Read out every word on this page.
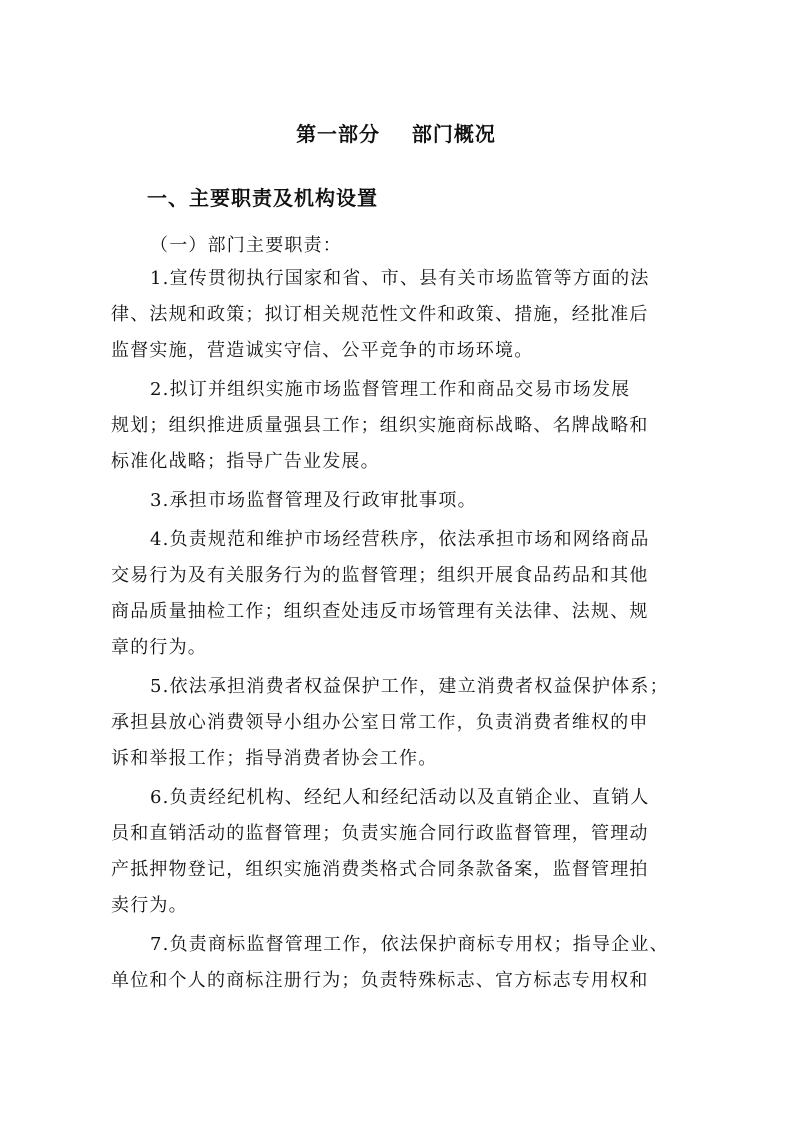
第一部分    部门概况
一、主要职责及机构设置
（一）部门主要职责：
1.宣传贯彻执行国家和省、市、县有关市场监管等方面的法
律、法规和政策；拟订相关规范性文件和政策、措施，经批准后
监督实施，营造诚实守信、公平竞争的市场环境。
2.拟订并组织实施市场监督管理工作和商品交易市场发展
规划；组织推进质量强县工作；组织实施商标战略、名牌战略和
标准化战略；指导广告业发展。
3.承担市场监督管理及行政审批事项。
4.负责规范和维护市场经营秩序，依法承担市场和网络商品
交易行为及有关服务行为的监督管理；组织开展食品药品和其他
商品质量抽检工作；组织查处违反市场管理有关法律、法规、规
章的行为。
5.依法承担消费者权益保护工作，建立消费者权益保护体系；
承担县放心消费领导小组办公室日常工作，负责消费者维权的申
诉和举报工作；指导消费者协会工作。
6.负责经纪机构、经纪人和经纪活动以及直销企业、直销人
员和直销活动的监督管理；负责实施合同行政监督管理，管理动
产抵押物登记，组织实施消费类格式合同条款备案，监督管理拍
卖行为。
7.负责商标监督管理工作，依法保护商标专用权；指导企业、
单位和个人的商标注册行为；负责特殊标志、官方标志专用权和
